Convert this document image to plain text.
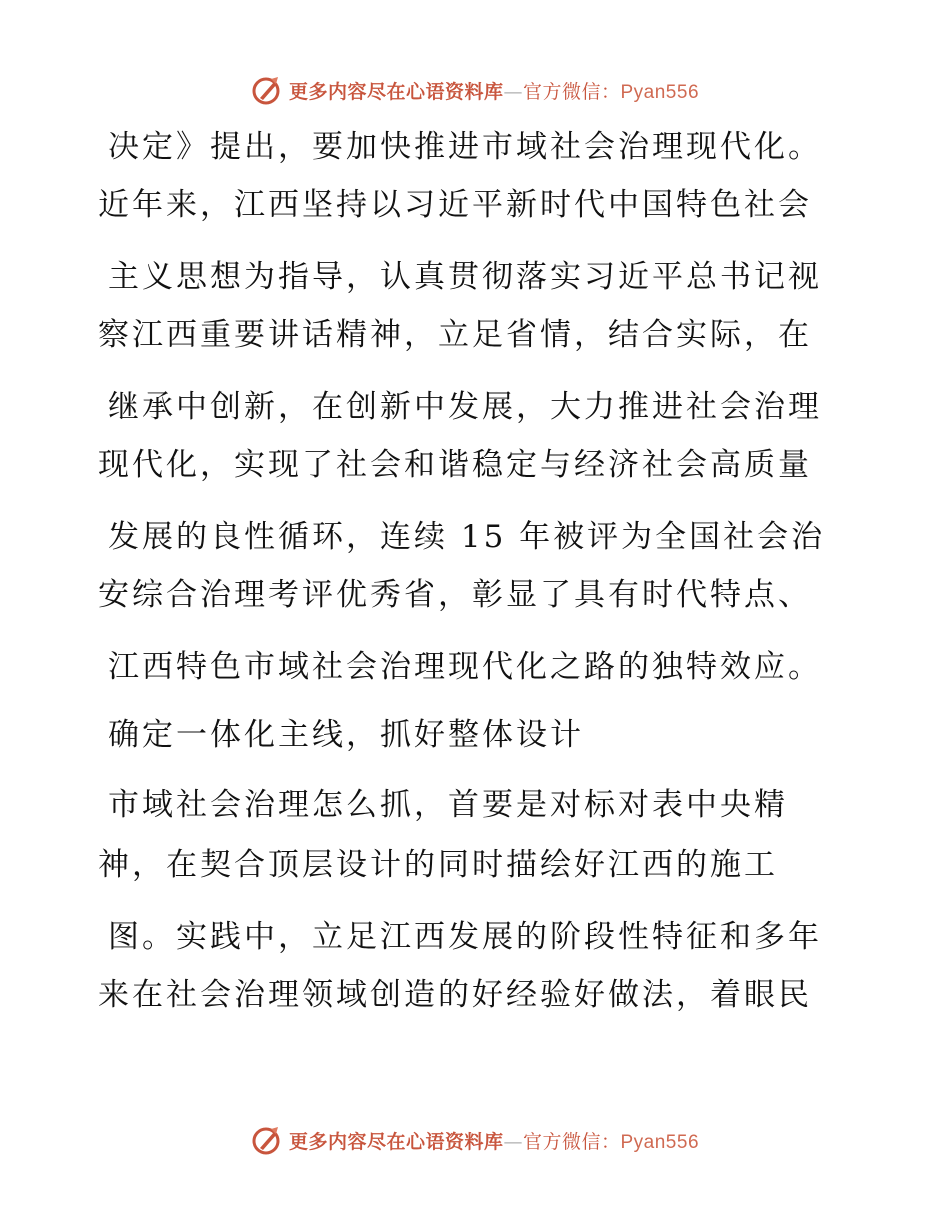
更多内容尽在心语资料库—官方微信：Pyan556
决定》提出，要加快推进市域社会治理现代化。
近年来，江西坚持以习近平新时代中国特色社会
主义思想为指导，认真贯彻落实习近平总书记视
察江西重要讲话精神，立足省情，结合实际，在
继承中创新，在创新中发展，大力推进社会治理
现代化，实现了社会和谐稳定与经济社会高质量
发展的良性循环，连续 15 年被评为全国社会治
安综合治理考评优秀省，彰显了具有时代特点、
江西特色市域社会治理现代化之路的独特效应。
确定一体化主线，抓好整体设计
市域社会治理怎么抓，首要是对标对表中央精
神，在契合顶层设计的同时描绘好江西的施工
图。实践中，立足江西发展的阶段性特征和多年
来在社会治理领域创造的好经验好做法，着眼民
更多内容尽在心语资料库—官方微信：Pyan556
